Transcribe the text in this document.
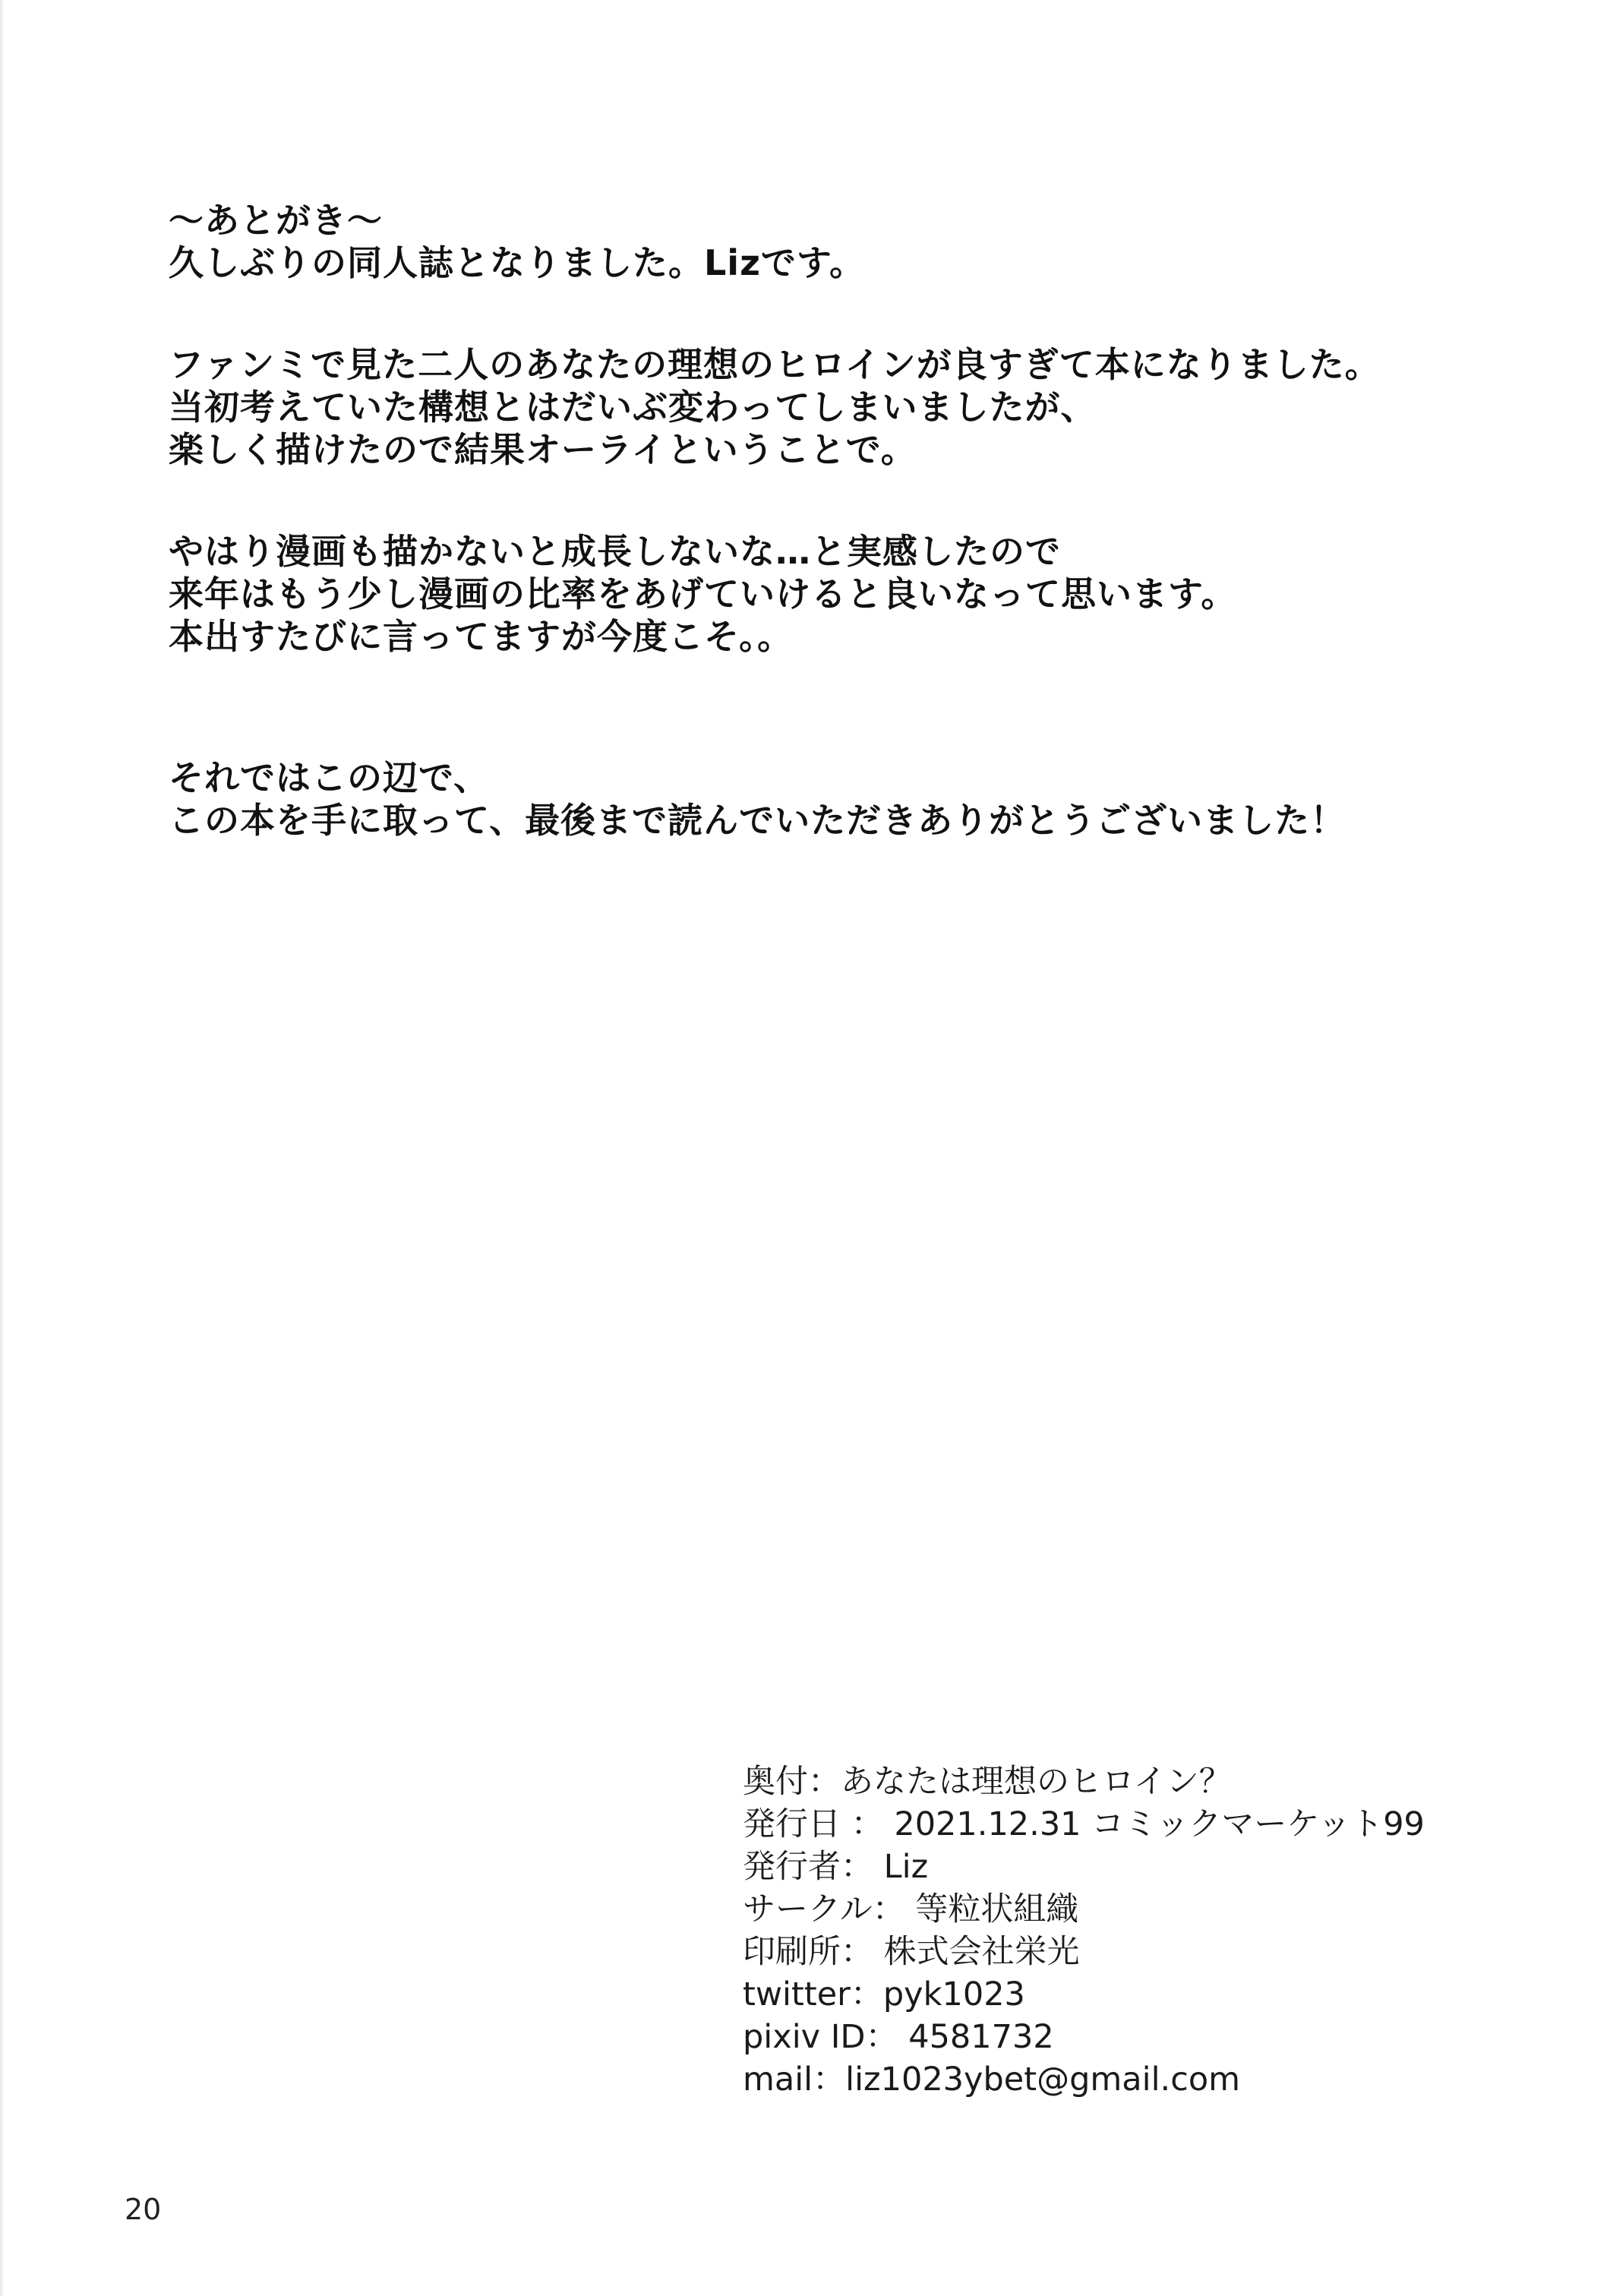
〜あとがき〜
久しぶりの同人誌となりました。Lizです。
ファンミで見た二人のあなたの理想のヒロインが良すぎて本になりました。
当初考えていた構想とはだいぶ変わってしまいましたが、
楽しく描けたので結果オーライということで。
やはり漫画も描かないと成長しないな…と実感したので
来年はもう少し漫画の比率をあげていけると良いなって思います。
本出すたびに言ってますが今度こそ。。
それではこの辺で、
この本を手に取って、最後まで読んでいただきありがとうございました！
奥付：あなたは理想のヒロイン？
発行日 ： 2021.12.31 コミックマーケット99
発行者： Liz
サークル： 等粒状組織
印刷所： 株式会社栄光
twitter：pyk1023
pixiv ID： 4581732
mail：liz1023ybet@gmail.com
20
